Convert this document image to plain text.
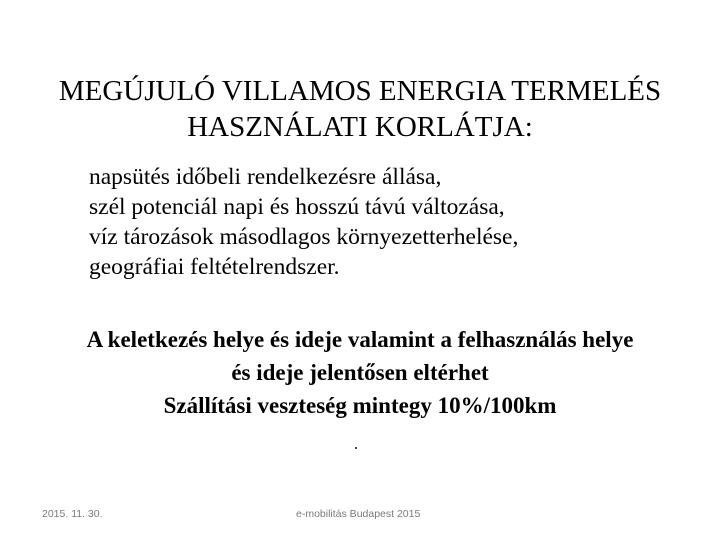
MEGÚJULÓ VILLAMOS ENERGIA TERMELÉS
HASZNÁLATI KORLÁTJA:
napsütés időbeli rendelkezésre állása,
szél potenciál napi és hosszú távú változása,
víz tározások másodlagos környezetterhelése,
geográfiai feltételrendszer.
A keletkezés helye és ideje valamint a felhasználás helye
és ideje jelentősen eltérhet
Szállítási veszteség mintegy 10%/100km
2015. 11. 30.	e-mobilitás Budapest 2015
